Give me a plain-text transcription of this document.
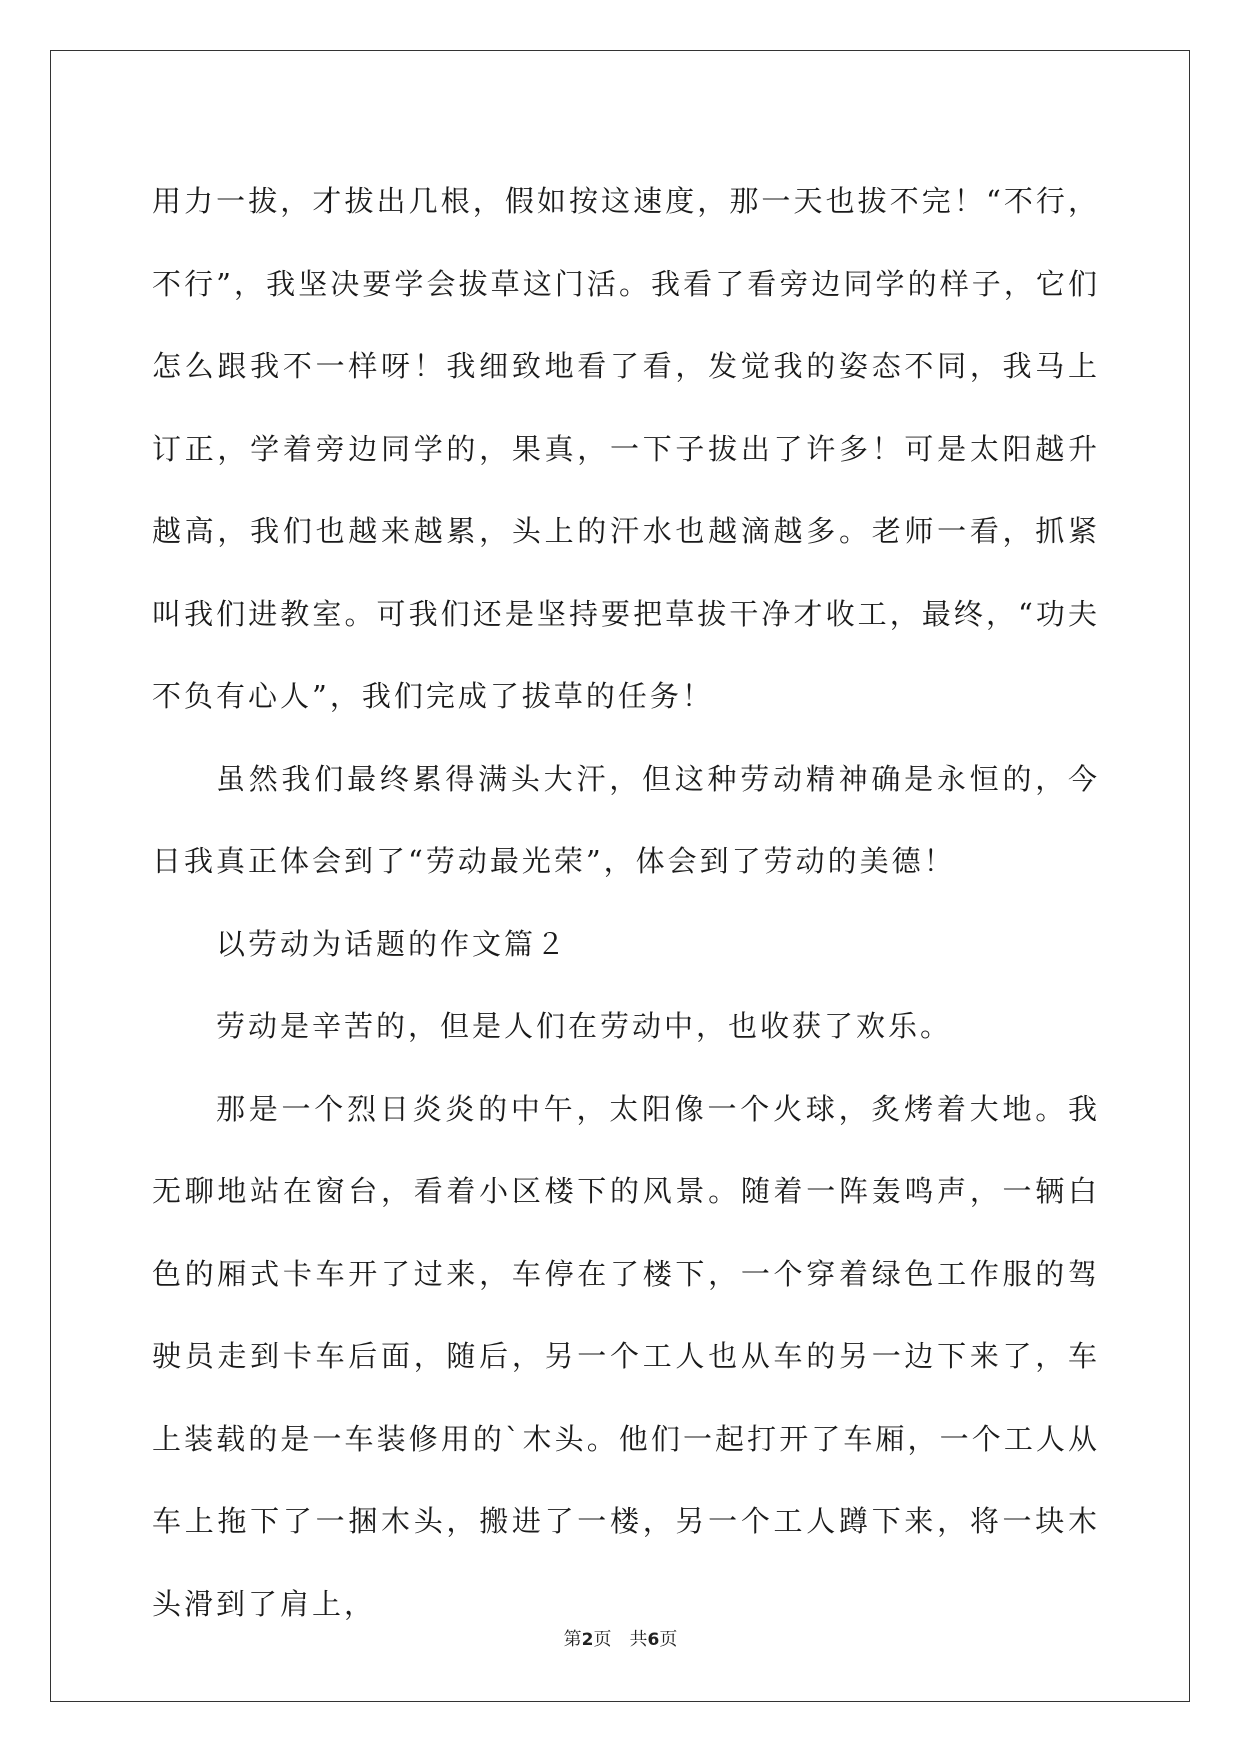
用力一拔，才拔出几根，假如按这速度，那一天也拔不完！“不行，不行”，我坚决要学会拔草这门活。我看了看旁边同学的样子，它们怎么跟我不一样呀！我细致地看了看，发觉我的姿态不同，我马上订正，学着旁边同学的，果真，一下子拔出了许多！可是太阳越升越高，我们也越来越累，头上的汗水也越滴越多。老师一看，抓紧叫我们进教室。可我们还是坚持要把草拔干净才收工，最终，“功夫不负有心人”，我们完成了拔草的任务！

虽然我们最终累得满头大汗，但这种劳动精神确是永恒的，今日我真正体会到了“劳动最光荣”，体会到了劳动的美德！

以劳动为话题的作文篇２

劳动是辛苦的，但是人们在劳动中，也收获了欢乐。

那是一个烈日炎炎的中午，太阳像一个火球，炙烤着大地。我无聊地站在窗台，看着小区楼下的风景。随着一阵轰鸣声，一辆白色的厢式卡车开了过来，车停在了楼下，一个穿着绿色工作服的驾驶员走到卡车后面，随后，另一个工人也从车的另一边下来了，车上装载的是一车装修用的`木头。他们一起打开了车厢，一个工人从车上拖下了一捆木头，搬进了一楼，另一个工人蹲下来，将一块木头滑到了肩上，

第2页　共6页
